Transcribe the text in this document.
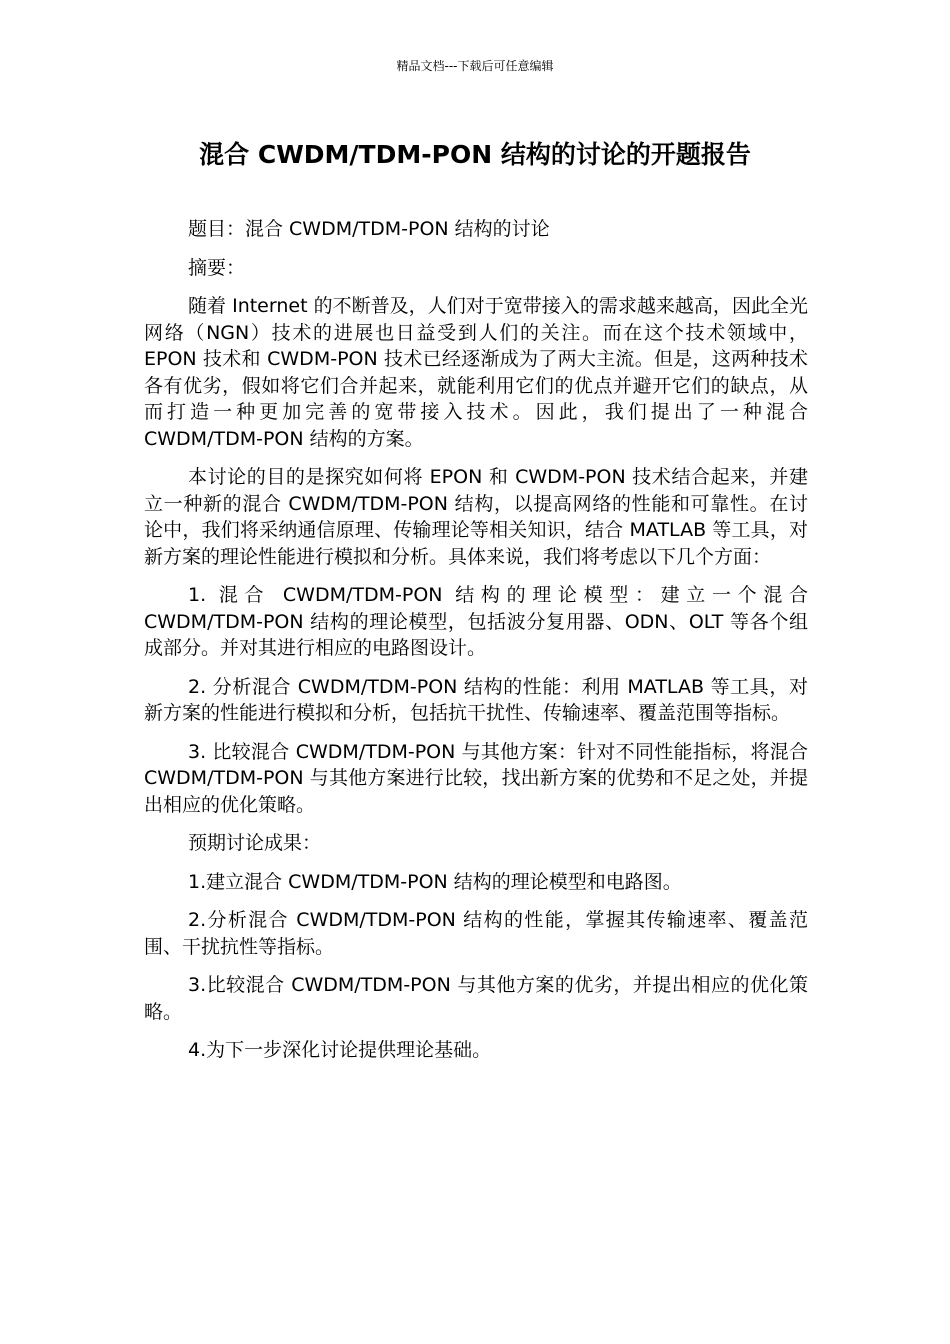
精品文档---下载后可任意编辑
混合 CWDM/TDM-PON 结构的讨论的开题报告

题目：混合 CWDM/TDM-PON 结构的讨论

摘要：

随着 Internet 的不断普及，人们对于宽带接入的需求越来越高，因此全光网络（NGN）技术的进展也日益受到人们的关注。而在这个技术领域中，EPON 技术和 CWDM-PON 技术已经逐渐成为了两大主流。但是，这两种技术各有优劣，假如将它们合并起来，就能利用它们的优点并避开它们的缺点，从而打造一种更加完善的宽带接入技术。因此，我们提出了一种混合 CWDM/TDM-PON 结构的方案。

本讨论的目的是探究如何将 EPON 和 CWDM-PON 技术结合起来，并建立一种新的混合 CWDM/TDM-PON 结构，以提高网络的性能和可靠性。在讨论中，我们将采纳通信原理、传输理论等相关知识，结合 MATLAB 等工具，对新方案的理论性能进行模拟和分析。具体来说，我们将考虑以下几个方面：

1. 混合 CWDM/TDM-PON 结构的理论模型：建立一个混合 CWDM/TDM-PON 结构的理论模型，包括波分复用器、ODN、OLT 等各个组成部分。并对其进行相应的电路图设计。

2. 分析混合 CWDM/TDM-PON 结构的性能：利用 MATLAB 等工具，对新方案的性能进行模拟和分析，包括抗干扰性、传输速率、覆盖范围等指标。

3. 比较混合 CWDM/TDM-PON 与其他方案：针对不同性能指标，将混合 CWDM/TDM-PON 与其他方案进行比较，找出新方案的优势和不足之处，并提出相应的优化策略。

预期讨论成果：

1.建立混合 CWDM/TDM-PON 结构的理论模型和电路图。

2.分析混合 CWDM/TDM-PON 结构的性能，掌握其传输速率、覆盖范围、干扰抗性等指标。

3.比较混合 CWDM/TDM-PON 与其他方案的优劣，并提出相应的优化策略。

4.为下一步深化讨论提供理论基础。
